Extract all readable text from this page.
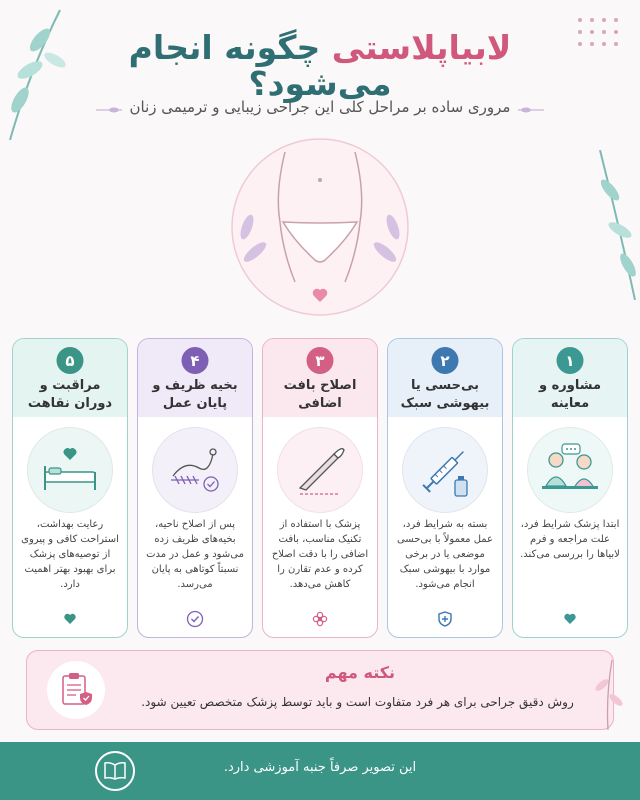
لابیاپلاستی چگونه انجام می‌شود؟
مروری ساده بر مراحل کلی این جراحی زیبایی و ترمیمی زنان
۱
مشاوره و معاینه
ابتدا پزشک شرایط فرد، علت مراجعه و فرم لابیاها را بررسی می‌کند.
۲
بی‌حسی یا بیهوشی سبک
بسته به شرایط فرد، عمل معمولاً با بی‌حسی موضعی یا در برخی موارد با بیهوشی سبک انجام می‌شود.
۳
اصلاح بافت اضافی
پزشک با استفاده از تکنیک مناسب، بافت اضافی را با دقت اصلاح کرده و عدم تقارن را کاهش می‌دهد.
۴
بخیه ظریف و پایان عمل
پس از اصلاح ناحیه، بخیه‌های ظریف زده می‌شود و عمل در مدت نسبتاً کوتاهی به پایان می‌رسد.
۵
مراقبت و دوران نقاهت
رعایت بهداشت، استراحت کافی و پیروی از توصیه‌های پزشک برای بهبود بهتر اهمیت دارد.
نکته مهم
روش دقیق جراحی برای هر فرد متفاوت است و باید توسط پزشک متخصص تعیین شود.
این تصویر صرفاً جنبه آموزشی دارد.
